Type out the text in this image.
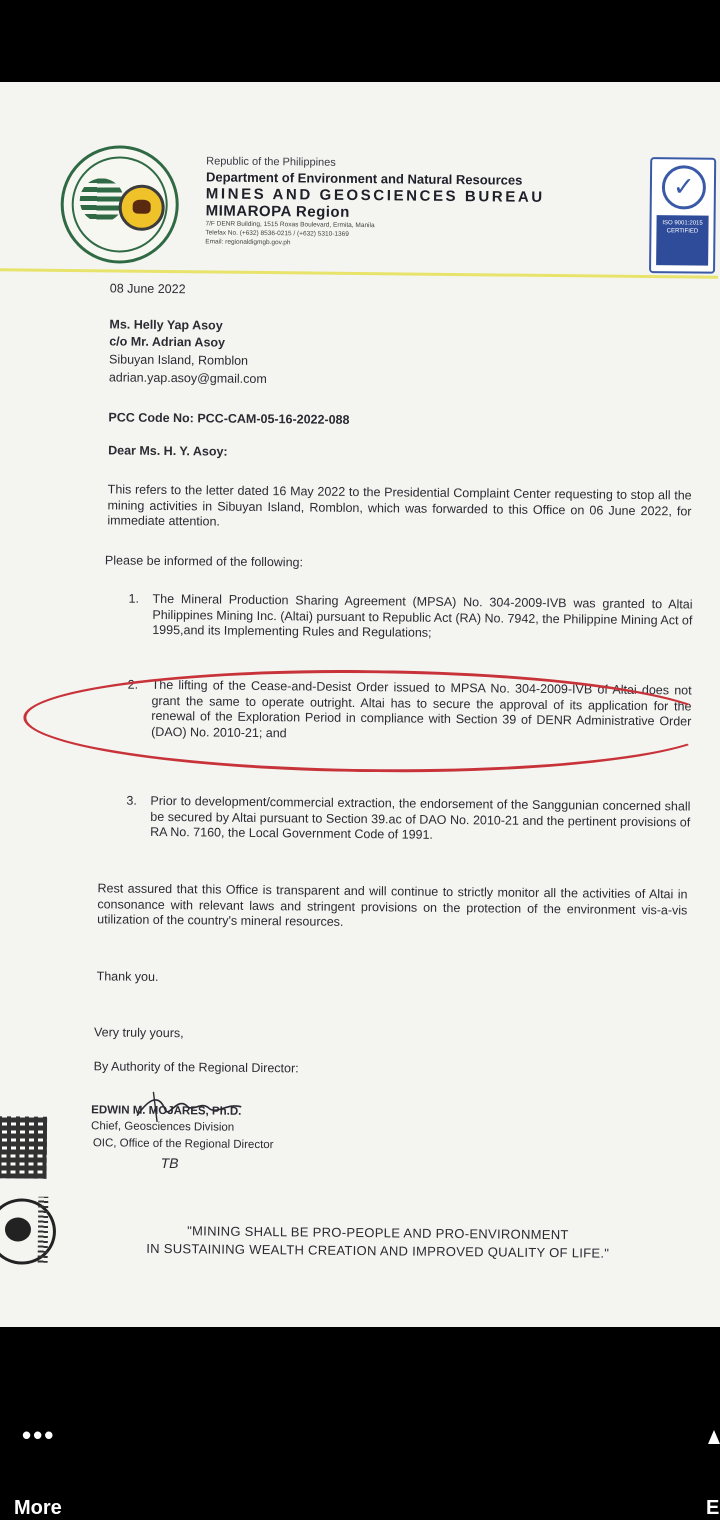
Republic of the Philippines
Department of Environment and Natural Resources
MINES AND GEOSCIENCES BUREAU
MIMAROPA Region
7/F DENR Building, 1515 Roxas Boulevard, Ermita, Manila
Telefax No. (+632) 8536-0215 / (+632) 5310-1369
Email: regionaldigmgb.gov.ph
✓
ISO 9001:2015 CERTIFIED
08 June 2022
Ms. Helly Yap Asoy
c/o Mr. Adrian Asoy
Sibuyan Island, Romblon
adrian.yap.asoy@gmail.com
PCC Code No: PCC-CAM-05-16-2022-088
Dear Ms. H. Y. Asoy:
This refers to the letter dated 16 May 2022 to the Presidential Complaint Center requesting to stop all the mining activities in Sibuyan Island, Romblon, which was forwarded to this Office on 06 June 2022, for immediate attention.
Please be informed of the following:
1. The Mineral Production Sharing Agreement (MPSA) No. 304-2009-IVB was granted to Altai Philippines Mining Inc. (Altai) pursuant to Republic Act (RA) No. 7942, the Philippine Mining Act of 1995,and its Implementing Rules and Regulations;
2. The lifting of the Cease-and-Desist Order issued to MPSA No. 304-2009-IVB of Altai does not grant the same to operate outright. Altai has to secure the approval of its application for the renewal of the Exploration Period in compliance with Section 39 of DENR Administrative Order (DAO) No. 2010-21; and
3. Prior to development/commercial extraction, the endorsement of the Sanggunian concerned shall be secured by Altai pursuant to Section 39.ac of DAO No. 2010-21 and the pertinent provisions of RA No. 7160, the Local Government Code of 1991.
Rest assured that this Office is transparent and will continue to strictly monitor all the activities of Altai in consonance with relevant laws and stringent provisions on the protection of the environment vis-a-vis utilization of the country's mineral resources.
Thank you.
Very truly yours,
By Authority of the Regional Director:
EDWIN M. MOJARES, Ph.D.
Chief, Geosciences Division
OIC, Office of the Regional Director
TB
"MINING SHALL BE PRO-PEOPLE AND PRO-ENVIRONMENT
IN SUSTAINING WEALTH CREATION AND IMPROVED QUALITY OF LIFE."
•••
More	E
